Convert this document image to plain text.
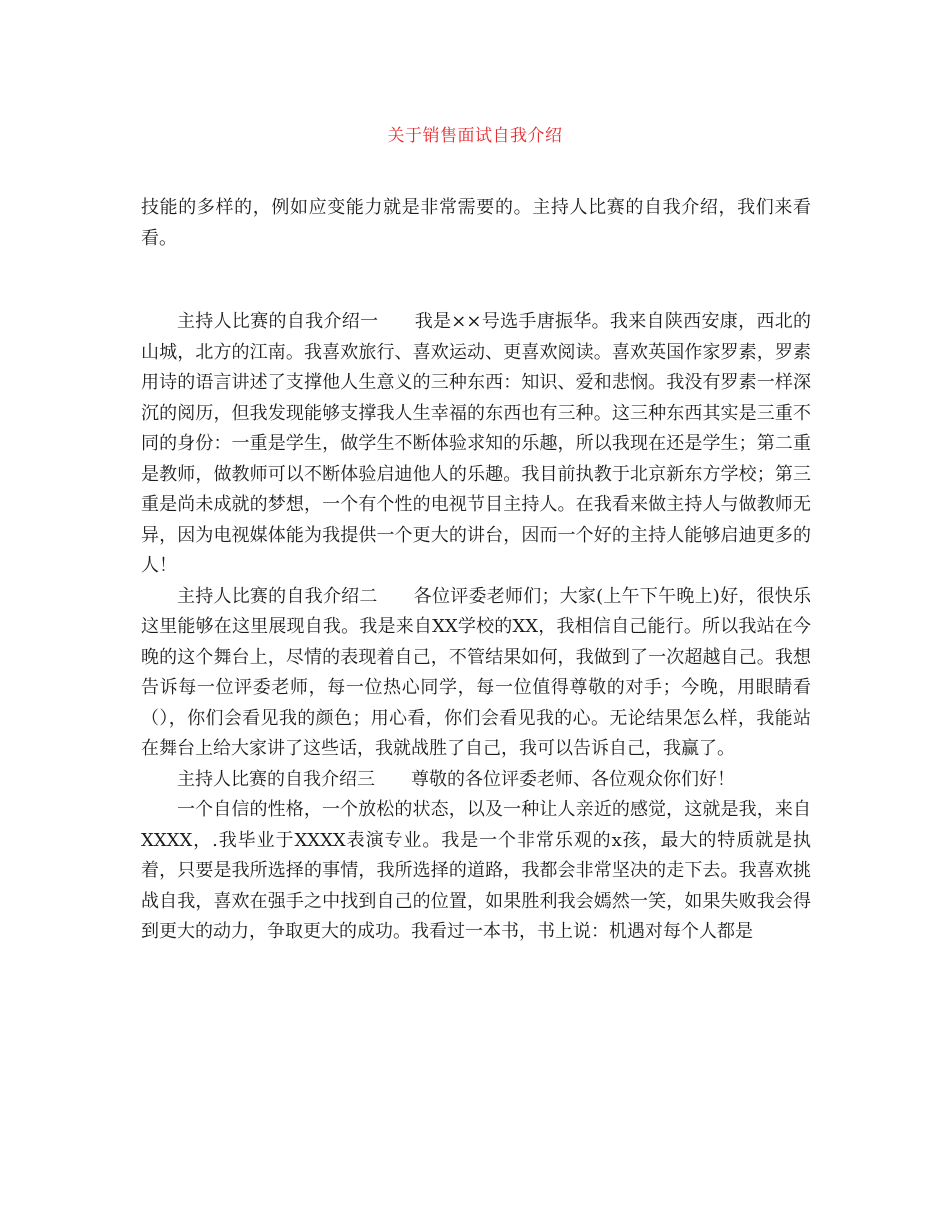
关于销售面试自我介绍

技能的多样的，例如应变能力就是非常需要的。主持人比赛的自我介绍，我们来看看。

主持人比赛的自我介绍一 我是××号选手唐振华。我来自陕西安康，西北的山城，北方的江南。我喜欢旅行、喜欢运动、更喜欢阅读。喜欢英国作家罗素，罗素用诗的语言讲述了支撑他人生意义的三种东西：知识、爱和悲悯。我没有罗素一样深沉的阅历，但我发现能够支撑我人生幸福的东西也有三种。这三种东西其实是三重不同的身份：一重是学生，做学生不断体验求知的乐趣，所以我现在还是学生；第二重是教师，做教师可以不断体验启迪他人的乐趣。我目前执教于北京新东方学校；第三重是尚未成就的梦想，一个有个性的电视节目主持人。在我看来做主持人与做教师无异，因为电视媒体能为我提供一个更大的讲台，因而一个好的主持人能够启迪更多的人！

主持人比赛的自我介绍二 各位评委老师们；大家(上午下午晚上)好，很快乐这里能够在这里展现自我。我是来自XX学校的XX，我相信自己能行。所以我站在今晚的这个舞台上，尽情的表现着自己，不管结果如何，我做到了一次超越自己。我想告诉每一位评委老师，每一位热心同学，每一位值得尊敬的对手；今晚，用眼睛看（），你们会看见我的颜色；用心看，你们会看见我的心。无论结果怎么样，我能站在舞台上给大家讲了这些话，我就战胜了自己，我可以告诉自己，我赢了。

主持人比赛的自我介绍三 尊敬的各位评委老师、各位观众你们好！

一个自信的性格，一个放松的状态，以及一种让人亲近的感觉，这就是我，来自XXXX，.我毕业于XXXX表演专业。我是一个非常乐观的x孩，最大的特质就是执着，只要是我所选择的事情，我所选择的道路，我都会非常坚决的走下去。我喜欢挑战自我，喜欢在强手之中找到自己的位置，如果胜利我会嫣然一笑，如果失败我会得到更大的动力，争取更大的成功。我看过一本书，书上说：机遇对每个人都是
